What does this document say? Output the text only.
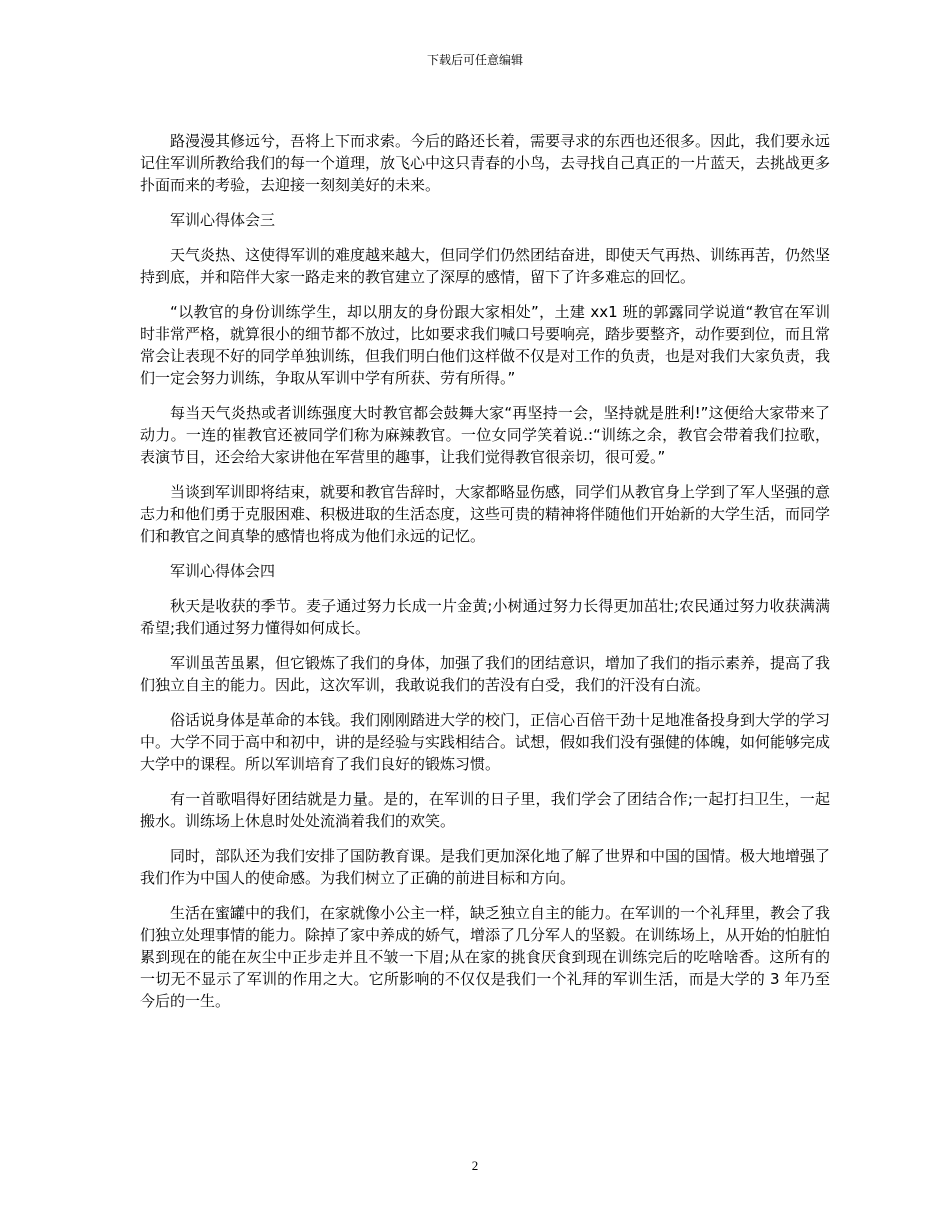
下载后可任意编辑

路漫漫其修远兮，吾将上下而求索。今后的路还长着，需要寻求的东西也还很多。因此，我们要永远记住军训所教给我们的每一个道理，放飞心中这只青春的小鸟，去寻找自己真正的一片蓝天，去挑战更多扑面而来的考验，去迎接一刻刻美好的未来。

军训心得体会三

天气炎热、这使得军训的难度越来越大，但同学们仍然团结奋进，即使天气再热、训练再苦，仍然坚持到底，并和陪伴大家一路走来的教官建立了深厚的感情，留下了许多难忘的回忆。

“以教官的身份训练学生，却以朋友的身份跟大家相处”，土建 xx1 班的郭露同学说道“教官在军训时非常严格，就算很小的细节都不放过，比如要求我们喊口号要响亮，踏步要整齐，动作要到位，而且常常会让表现不好的同学单独训练，但我们明白他们这样做不仅是对工作的负责，也是对我们大家负责，我们一定会努力训练，争取从军训中学有所获、劳有所得。”

每当天气炎热或者训练强度大时教官都会鼓舞大家“再坚持一会，坚持就是胜利!”这便给大家带来了动力。一连的崔教官还被同学们称为麻辣教官。一位女同学笑着说.:“训练之余，教官会带着我们拉歌，表演节目，还会给大家讲他在军营里的趣事，让我们觉得教官很亲切，很可爱。”

当谈到军训即将结束，就要和教官告辞时，大家都略显伤感，同学们从教官身上学到了军人坚强的意志力和他们勇于克服困难、积极进取的生活态度，这些可贵的精神将伴随他们开始新的大学生活，而同学们和教官之间真挚的感情也将成为他们永远的记忆。

军训心得体会四

秋天是收获的季节。麦子通过努力长成一片金黄;小树通过努力长得更加茁壮;农民通过努力收获满满希望;我们通过努力懂得如何成长。

军训虽苦虽累，但它锻炼了我们的身体，加强了我们的团结意识，增加了我们的指示素养，提高了我们独立自主的能力。因此，这次军训，我敢说我们的苦没有白受，我们的汗没有白流。

俗话说身体是革命的本钱。我们刚刚踏进大学的校门，正信心百倍干劲十足地准备投身到大学的学习中。大学不同于高中和初中，讲的是经验与实践相结合。试想，假如我们没有强健的体魄，如何能够完成大学中的课程。所以军训培育了我们良好的锻炼习惯。

有一首歌唱得好团结就是力量。是的，在军训的日子里，我们学会了团结合作;一起打扫卫生，一起搬水。训练场上休息时处处流淌着我们的欢笑。

同时，部队还为我们安排了国防教育课。是我们更加深化地了解了世界和中国的国情。极大地增强了我们作为中国人的使命感。为我们树立了正确的前进目标和方向。

生活在蜜罐中的我们，在家就像小公主一样，缺乏独立自主的能力。在军训的一个礼拜里，教会了我们独立处理事情的能力。除掉了家中养成的娇气，增添了几分军人的坚毅。在训练场上，从开始的怕脏怕累到现在的能在灰尘中正步走并且不皱一下眉;从在家的挑食厌食到现在训练完后的吃啥啥香。这所有的一切无不显示了军训的作用之大。它所影响的不仅仅是我们一个礼拜的军训生活，而是大学的 3 年乃至今后的一生。

2
